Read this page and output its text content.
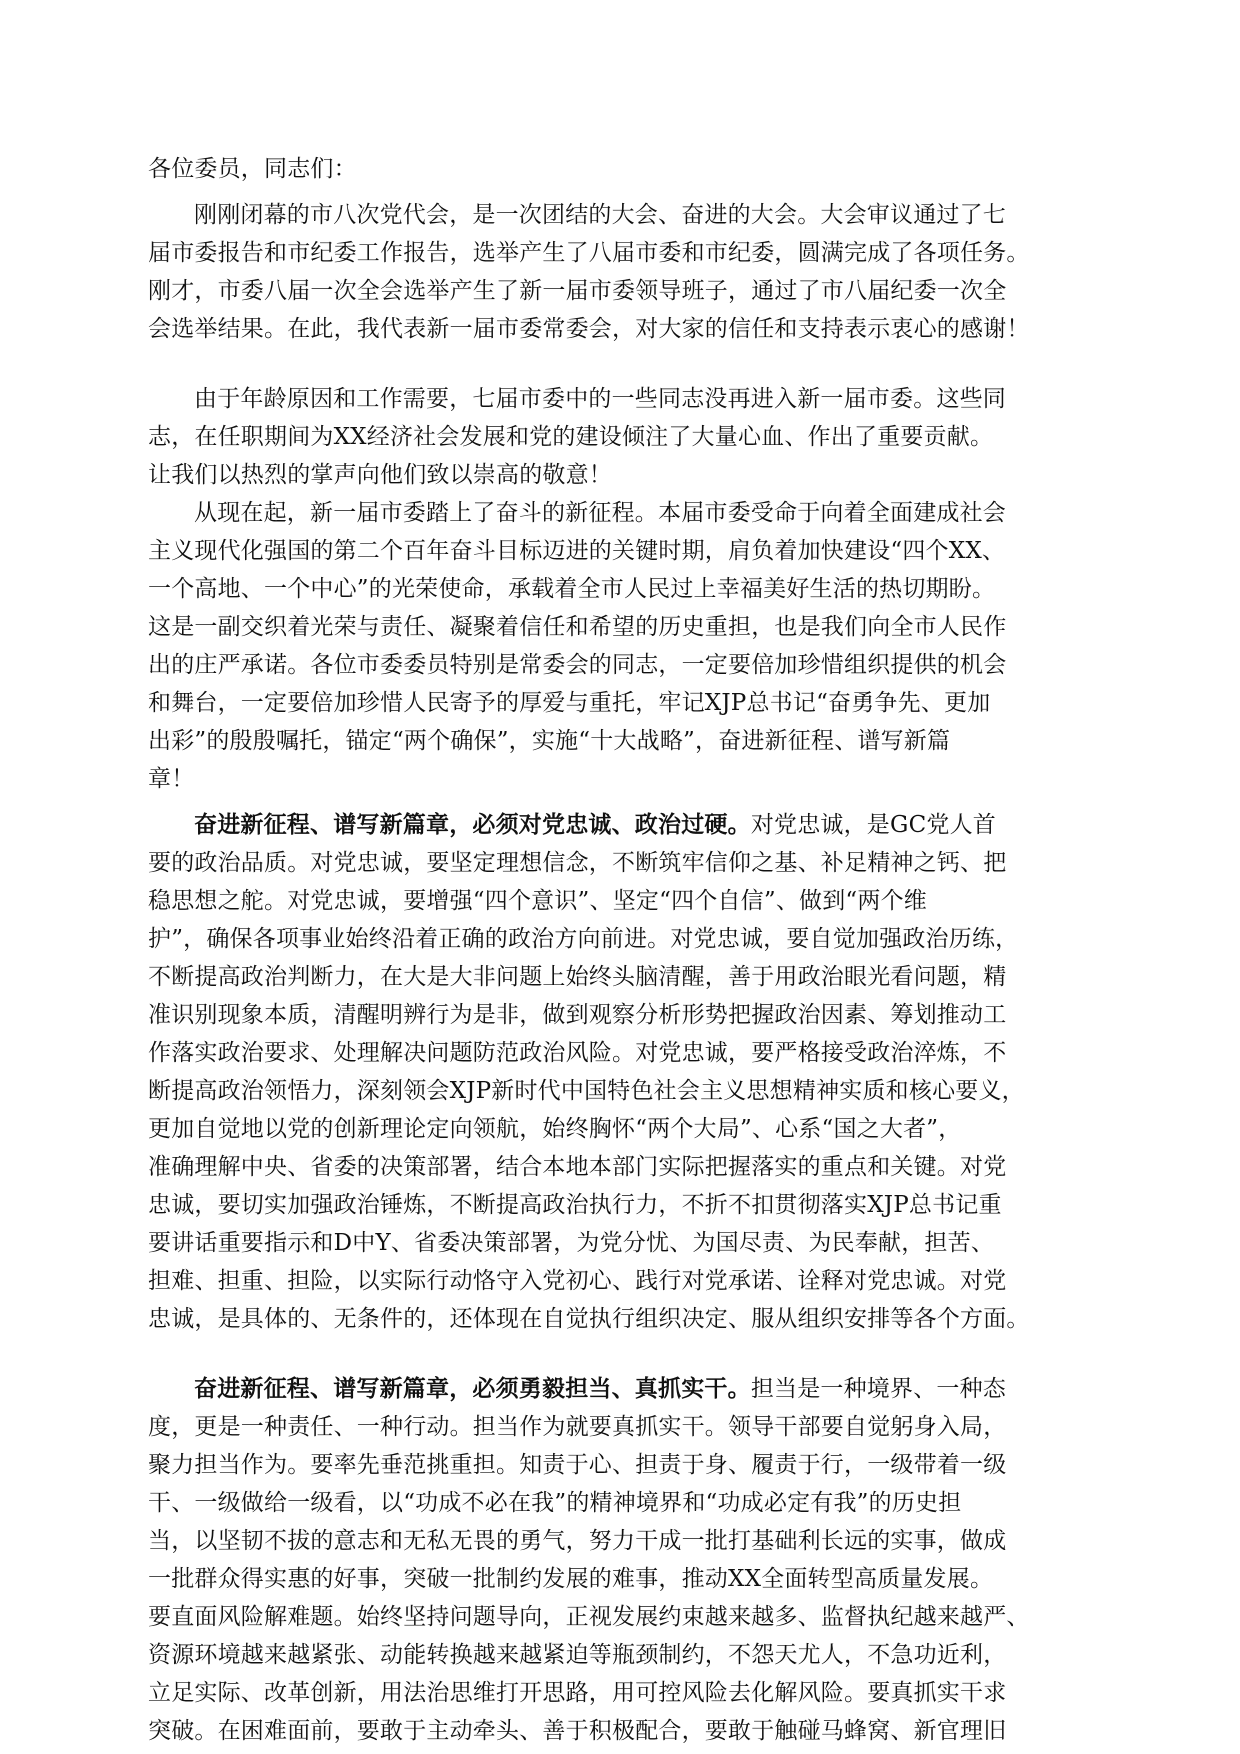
各位委员，同志们：
刚刚闭幕的市八次党代会，是一次团结的大会、奋进的大会。大会审议通过了七
届市委报告和市纪委工作报告，选举产生了八届市委和市纪委，圆满完成了各项任务。
刚才，市委八届一次全会选举产生了新一届市委领导班子，通过了市八届纪委一次全
会选举结果。在此，我代表新一届市委常委会，对大家的信任和支持表示衷心的感谢！
由于年龄原因和工作需要，七届市委中的一些同志没再进入新一届市委。这些同
志，在任职期间为XX经济社会发展和党的建设倾注了大量心血、作出了重要贡献。
让我们以热烈的掌声向他们致以崇高的敬意！
从现在起，新一届市委踏上了奋斗的新征程。本届市委受命于向着全面建成社会
主义现代化强国的第二个百年奋斗目标迈进的关键时期，肩负着加快建设“四个XX、
一个高地、一个中心”的光荣使命，承载着全市人民过上幸福美好生活的热切期盼。
这是一副交织着光荣与责任、凝聚着信任和希望的历史重担，也是我们向全市人民作
出的庄严承诺。各位市委委员特别是常委会的同志，一定要倍加珍惜组织提供的机会
和舞台，一定要倍加珍惜人民寄予的厚爱与重托，牢记XJP总书记“奋勇争先、更加
出彩”的殷殷嘱托，锚定“两个确保”，实施“十大战略”，奋进新征程、谱写新篇
章！
奋进新征程、谱写新篇章，必须对党忠诚、政治过硬。对党忠诚，是GC党人首
要的政治品质。对党忠诚，要坚定理想信念，不断筑牢信仰之基、补足精神之钙、把
稳思想之舵。对党忠诚，要增强“四个意识”、坚定“四个自信”、做到“两个维
护”，确保各项事业始终沿着正确的政治方向前进。对党忠诚，要自觉加强政治历练，
不断提高政治判断力，在大是大非问题上始终头脑清醒，善于用政治眼光看问题，精
准识别现象本质，清醒明辨行为是非，做到观察分析形势把握政治因素、筹划推动工
作落实政治要求、处理解决问题防范政治风险。对党忠诚，要严格接受政治淬炼，不
断提高政治领悟力，深刻领会XJP新时代中国特色社会主义思想精神实质和核心要义，
更加自觉地以党的创新理论定向领航，始终胸怀“两个大局”、心系“国之大者”，
准确理解中央、省委的决策部署，结合本地本部门实际把握落实的重点和关键。对党
忠诚，要切实加强政治锤炼，不断提高政治执行力，不折不扣贯彻落实XJP总书记重
要讲话重要指示和D中Y、省委决策部署，为党分忧、为国尽责、为民奉献，担苦、
担难、担重、担险，以实际行动恪守入党初心、践行对党承诺、诠释对党忠诚。对党
忠诚，是具体的、无条件的，还体现在自觉执行组织决定、服从组织安排等各个方面。
奋进新征程、谱写新篇章，必须勇毅担当、真抓实干。担当是一种境界、一种态
度，更是一种责任、一种行动。担当作为就要真抓实干。领导干部要自觉躬身入局，
聚力担当作为。要率先垂范挑重担。知责于心、担责于身、履责于行，一级带着一级
干、一级做给一级看，以“功成不必在我”的精神境界和“功成必定有我”的历史担
当，以坚韧不拔的意志和无私无畏的勇气，努力干成一批打基础利长远的实事，做成
一批群众得实惠的好事，突破一批制约发展的难事，推动XX全面转型高质量发展。
要直面风险解难题。始终坚持问题导向，正视发展约束越来越多、监督执纪越来越严、
资源环境越来越紧张、动能转换越来越紧迫等瓶颈制约，不怨天尤人，不急功近利，
立足实际、改革创新，用法治思维打开思路，用可控风险去化解风险。要真抓实干求
突破。在困难面前，要敢于主动牵头、善于积极配合，要敢于触碰马蜂窝、新官理旧
